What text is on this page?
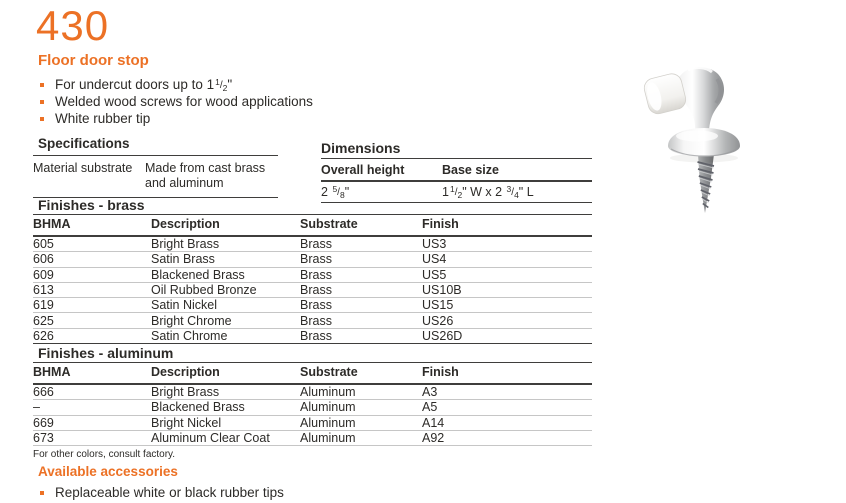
430
Floor door stop
For undercut doors up to $1^1/_2$"
Welded wood screws for wood applications
White rubber tip
Specifications
Material substrate	Made from cast brass and aluminum
Dimensions
Overall height	Base size
2 $^5/_8$"	$1^1/_2$" W x 2 $^3/_4$" L
Finishes - brass
BHMA	Description	Substrate	Finish
605	Bright Brass	Brass	US3
606	Satin Brass	Brass	US4
609	Blackened Brass	Brass	US5
613	Oil Rubbed Bronze	Brass	US10B
619	Satin Nickel	Brass	US15
625	Bright Chrome	Brass	US26
626	Satin Chrome	Brass	US26D
Finishes - aluminum
BHMA	Description	Substrate	Finish
666	Bright Brass	Aluminum	A3
–	Blackened Brass	Aluminum	A5
669	Bright Nickel	Aluminum	A14
673	Aluminum Clear Coat	Aluminum	A92
For other colors, consult factory.
Available accessories
Replaceable white or black rubber tips
